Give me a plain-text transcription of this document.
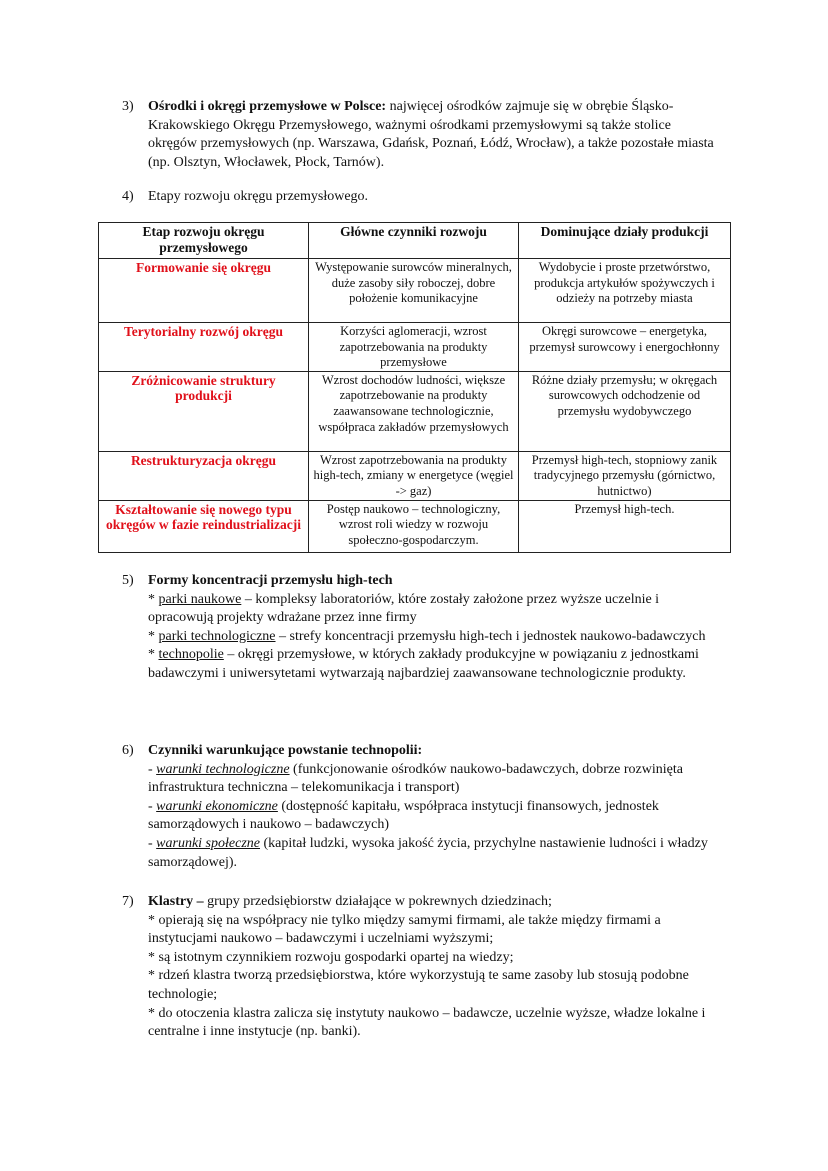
3)	Ośrodki i okręgi przemysłowe w Polsce: najwięcej ośrodków zajmuje się w obrębie Śląsko-Krakowskiego Okręgu Przemysłowego, ważnymi ośrodkami przemysłowymi są także stolice okręgów przemysłowych (np. Warszawa, Gdańsk, Poznań, Łódź, Wrocław), a także pozostałe miasta (np. Olsztyn, Włocławek, Płock, Tarnów).

4)	Etapy rozwoju okręgu przemysłowego.

Etap rozwoju okręgu przemysłowego	Główne czynniki rozwoju	Dominujące działy produkcji
Formowanie się okręgu	Występowanie surowców mineralnych, duże zasoby siły roboczej, dobre położenie komunikacyjne	Wydobycie i proste przetwórstwo, produkcja artykułów spożywczych i odzieży na potrzeby miasta
Terytorialny rozwój okręgu	Korzyści aglomeracji, wzrost zapotrzebowania na produkty przemysłowe	Okręgi surowcowe – energetyka, przemysł surowcowy i energochłonny
Zróżnicowanie struktury produkcji	Wzrost dochodów ludności, większe zapotrzebowanie na produkty zaawansowane technologicznie, współpraca zakładów przemysłowych	Różne działy przemysłu; w okręgach surowcowych odchodzenie od przemysłu wydobywczego
Restrukturyzacja okręgu	Wzrost zapotrzebowania na produkty high-tech, zmiany w energetyce (węgiel -> gaz)	Przemysł high-tech, stopniowy zanik tradycyjnego przemysłu (górnictwo, hutnictwo)
Kształtowanie się nowego typu okręgów w fazie reindustrializacji	Postęp naukowo – technologiczny, wzrost roli wiedzy w rozwoju społeczno-gospodarczym.	Przemysł high-tech.
5)	Formy koncentracji przemysłu high-tech

* parki naukowe – kompleksy laboratoriów, które zostały założone przez wyższe uczelnie i opracowują projekty wdrażane przez inne firmy

* parki technologiczne – strefy koncentracji przemysłu high-tech i jednostek naukowo-badawczych

* technopolie – okręgi przemysłowe, w których zakłady produkcyjne w powiązaniu z jednostkami badawczymi i uniwersytetami wytwarzają najbardziej zaawansowane technologicznie produkty.

6)	Czynniki warunkujące powstanie technopolii:

- warunki technologiczne (funkcjonowanie ośrodków naukowo-badawczych, dobrze rozwinięta infrastruktura techniczna – telekomunikacja i transport)

- warunki ekonomiczne (dostępność kapitału, współpraca instytucji finansowych, jednostek samorządowych i naukowo – badawczych)

- warunki społeczne (kapitał ludzki, wysoka jakość życia, przychylne nastawienie ludności i władzy samorządowej).

7)	Klastry – grupy przedsiębiorstw działające w pokrewnych dziedzinach;

* opierają się na współpracy nie tylko między samymi firmami, ale także między firmami a instytucjami naukowo – badawczymi i uczelniami wyższymi;

* są istotnym czynnikiem rozwoju gospodarki opartej na wiedzy;

* rdzeń klastra tworzą przedsiębiorstwa, które wykorzystują te same zasoby lub stosują podobne technologie;

* do otoczenia klastra zalicza się instytuty naukowo – badawcze, uczelnie wyższe, władze lokalne i centralne i inne instytucje (np. banki).
